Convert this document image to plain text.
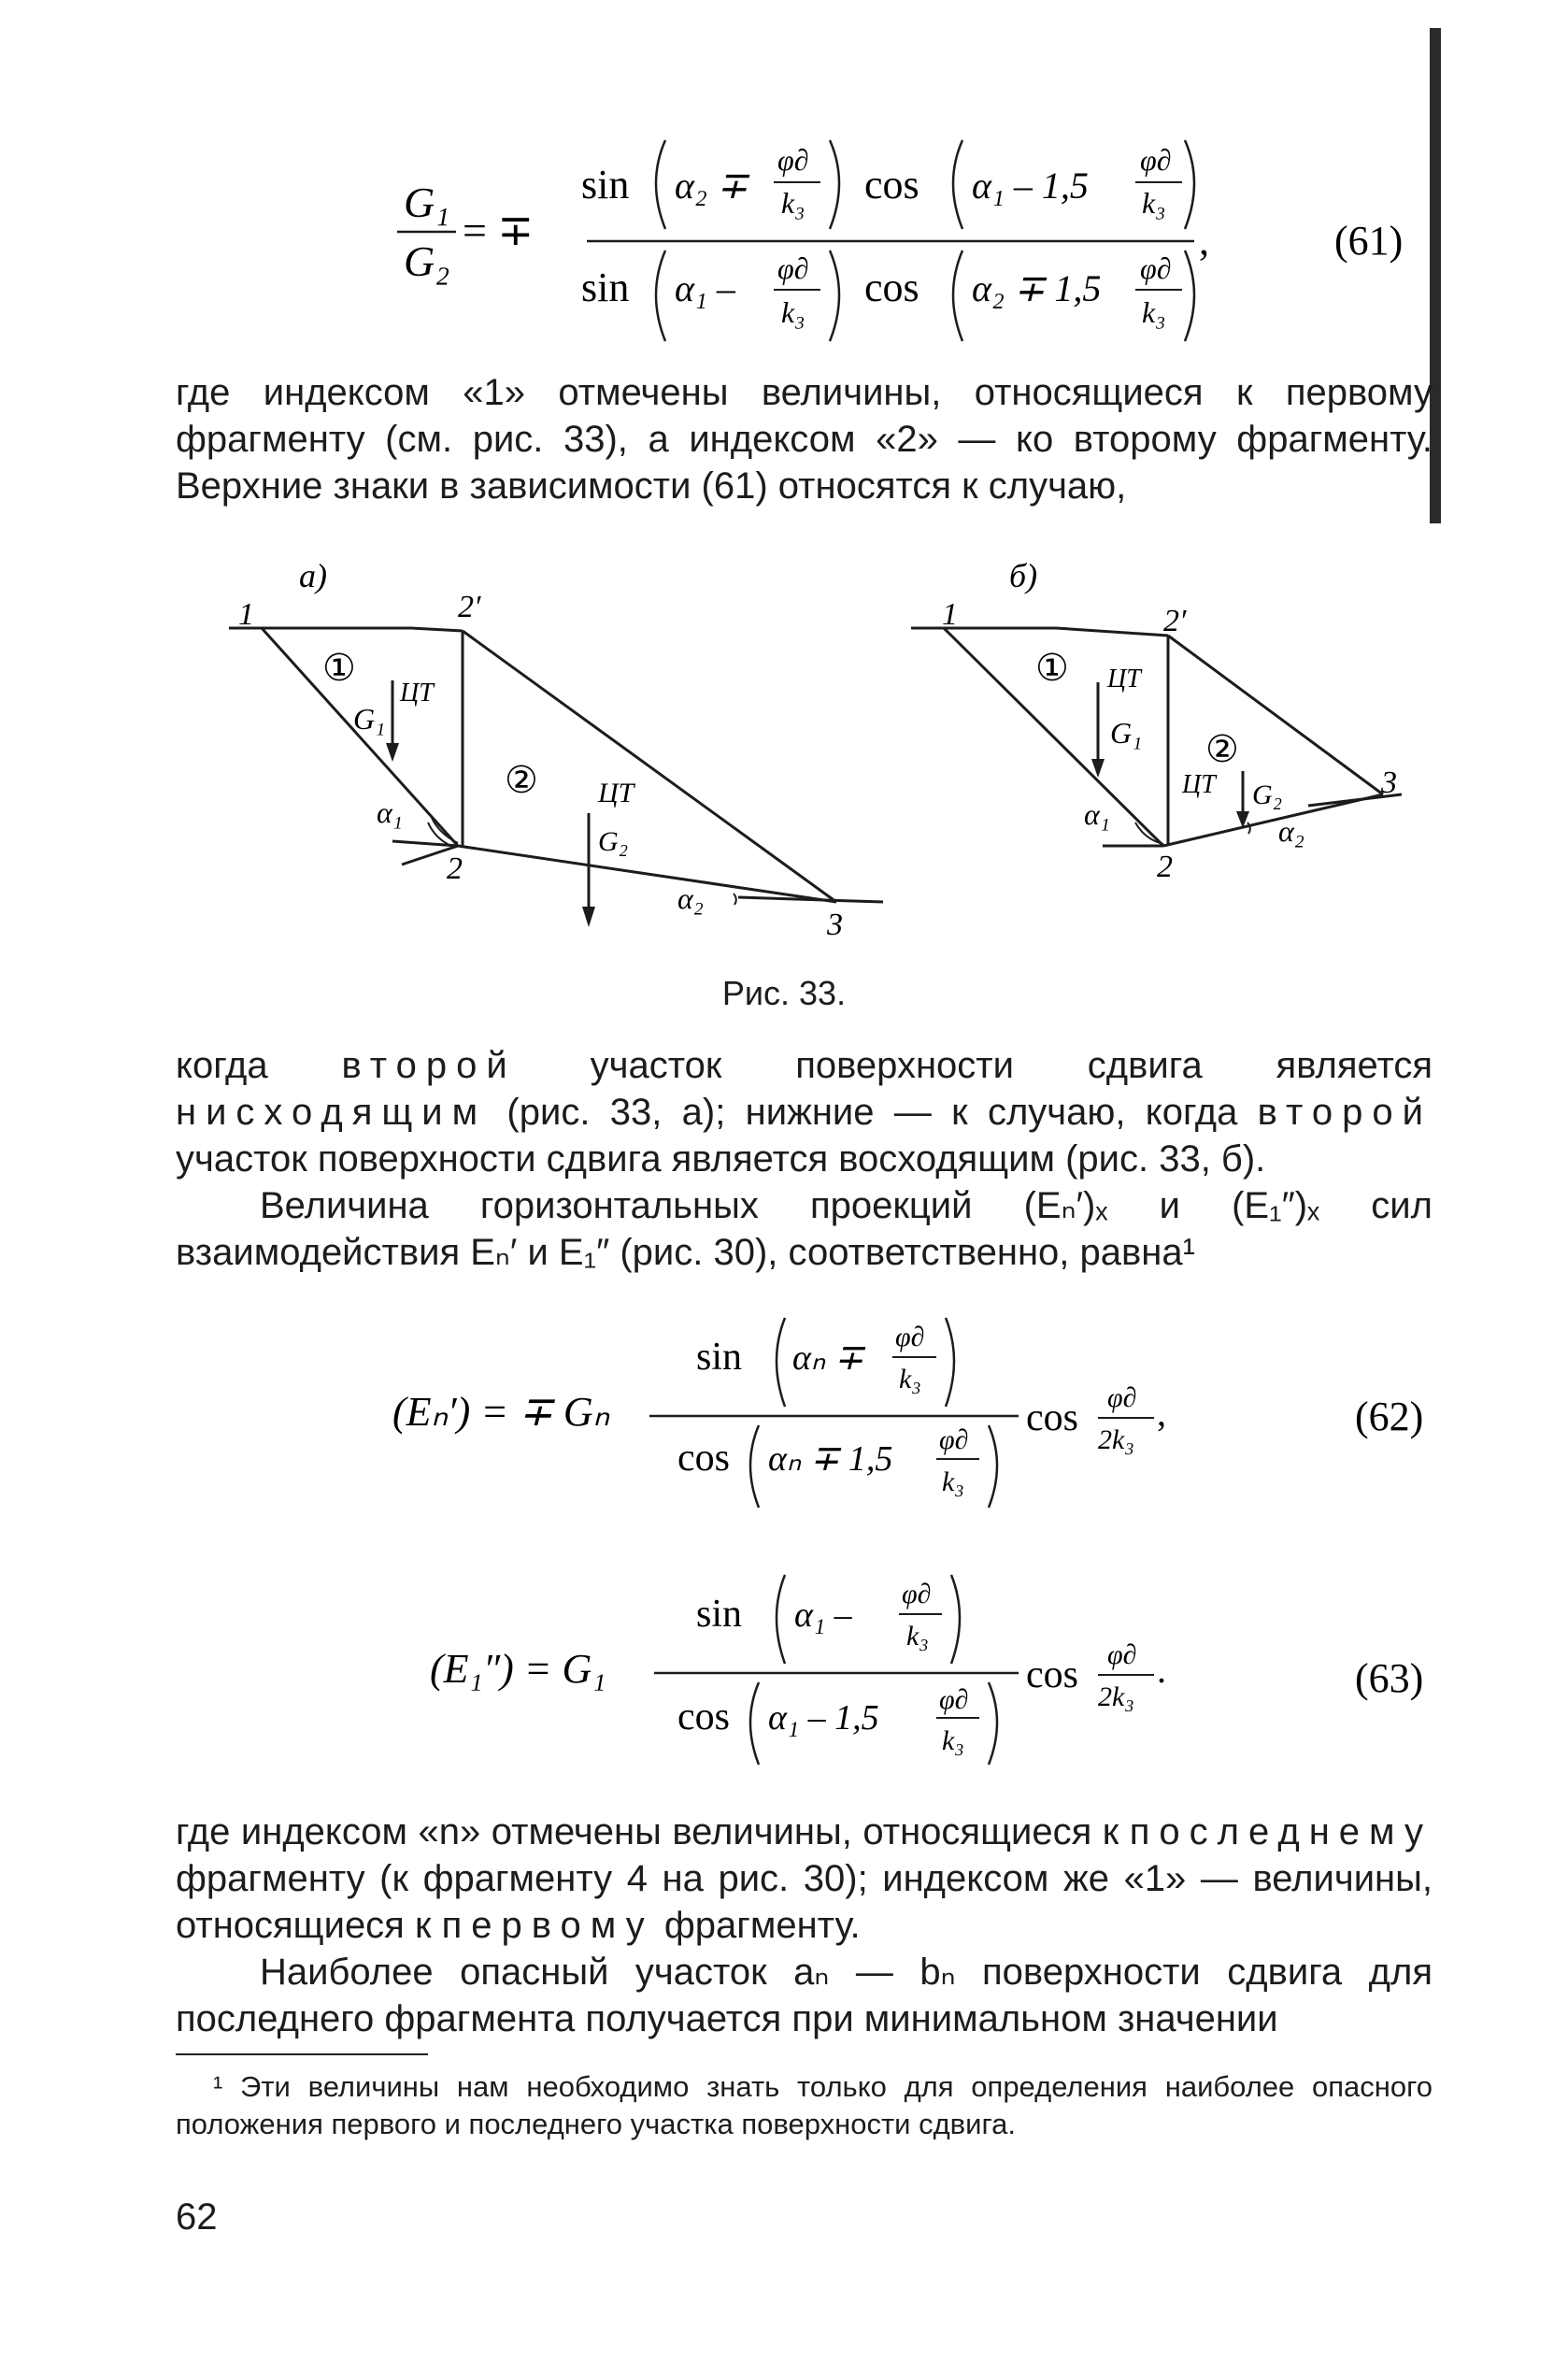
G₁
G₂
= ∓
sin α₂ ∓
φ∂
k₃ cos α₁ – 1,5
φ∂
k₃
sin α₁ – φ∂
k₃
cos α₂ ∓ 1,5 φ∂
k₃
,	(61)

где индексом «1» отмечены величины, относящиеся к первому фрагменту (см. рис. 33), а индексом «2» — ко второму фрагменту. Верхние знаки в зависимости (61) относятся к случаю,

а)
1	2′
①
G₁
ЦТ
② ЦТ
G₂
α₁
2
α₂
3
б)
1	2′
① ЦТ
G₁ ②
ЦТ G₂
α₁
2
α₂
3
Рис. 33.

когда второй участок поверхности сдвига является нисходящим (рис. 33, а); нижние — к случаю, когда второй участок поверхности сдвига является восходящим (рис. 33, б).

Величина горизонтальных проекций (Eₙ′)ₓ и (E₁″)ₓ сил взаимодействия Eₙ′ и E₁″ (рис. 30), соответственно, равна¹

(Eₙ′) = ∓ Gₙ
sin αₙ ∓
φ∂
k₃
cos αₙ ∓ 1,5 φ∂
k₃
cos φ∂
2k₃
,	(62)
(E₁″) = G₁
sin α₁ –
φ∂
k₃
cos α₁ – 1,5 φ∂
k₃
cos φ∂
2k₃
.	(63)

где индексом «n» отмечены величины, относящиеся к последнему фрагменту (к фрагменту 4 на рис. 30); индексом же «1» — величины, относящиеся к первому фрагменту.

Наиболее опасный участок aₙ — bₙ поверхности сдвига для последнего фрагмента получается при минимальном значении

¹ Эти величины нам необходимо знать только для определения наиболее опасного положения первого и последнего участка поверхности сдвига.

62
